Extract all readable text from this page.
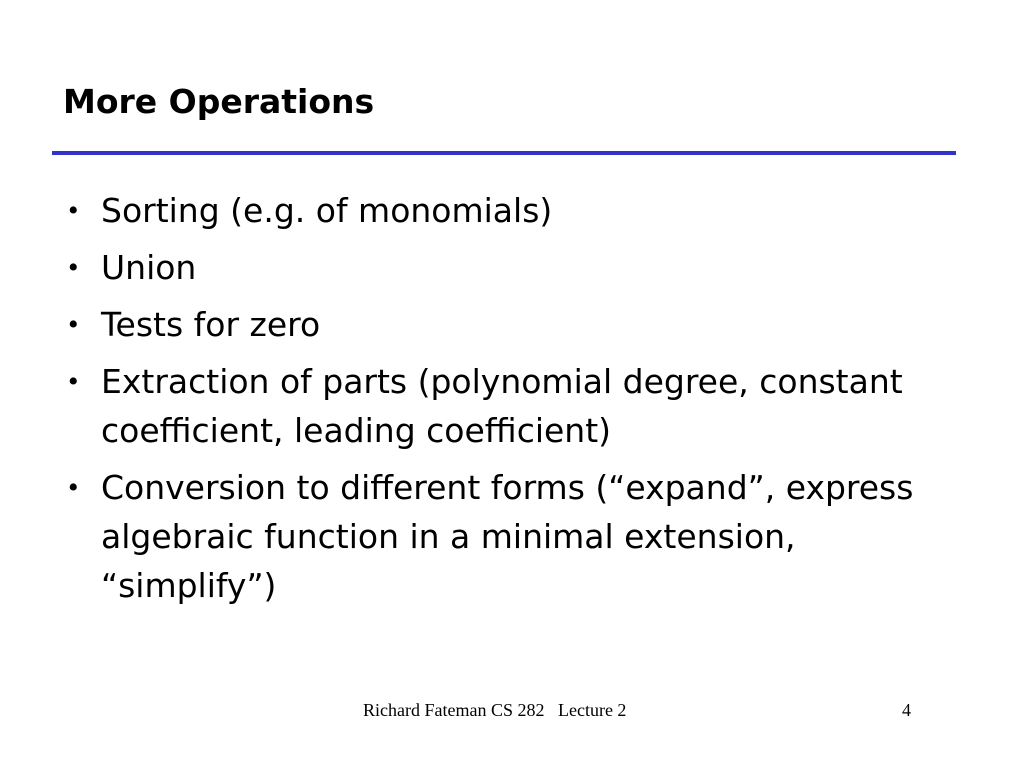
More Operations
• Sorting (e.g. of monomials)
• Union
• Tests for zero
• Extraction of parts (polynomial degree, constant coefficient, leading coefficient)
• Conversion to different forms (“expand”, express algebraic function in a minimal extension, “simplify”)
Richard Fateman CS 282   Lecture 2	4
